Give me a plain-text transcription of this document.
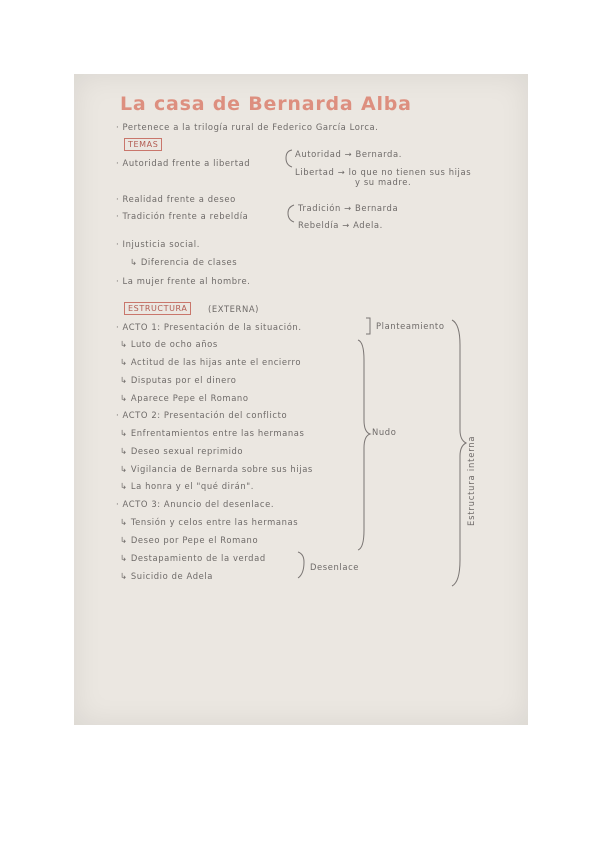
La casa de Bernarda Alba
· Pertenece a la trilogía rural de Federico García Lorca.
TEMAS
· Autoridad frente a libertad
Autoridad → Bernarda.
Libertad → lo que no tienen sus hijas
y su madre.
· Realidad frente a deseo
· Tradición frente a rebeldía
Tradición → Bernarda
Rebeldía → Adela.
· Injusticia social.
↳ Diferencia de clases
· La mujer frente al hombre.
ESTRUCTURA	(EXTERNA)
· ACTO 1: Presentación de la situación.
↳ Luto de ocho años
↳ Actitud de las hijas ante el encierro
↳ Disputas por el dinero
↳ Aparece Pepe el Romano
· ACTO 2: Presentación del conflicto
↳ Enfrentamientos entre las hermanas
↳ Deseo sexual reprimido
↳ Vigilancia de Bernarda sobre sus hijas
↳ La honra y el "qué dirán".
· ACTO 3: Anuncio del desenlace.
↳ Tensión y celos entre las hermanas
↳ Deseo por Pepe el Romano
↳ Destapamiento de la verdad
↳ Suicidio de Adela
Planteamiento
Nudo
Desenlace
Estructura interna
